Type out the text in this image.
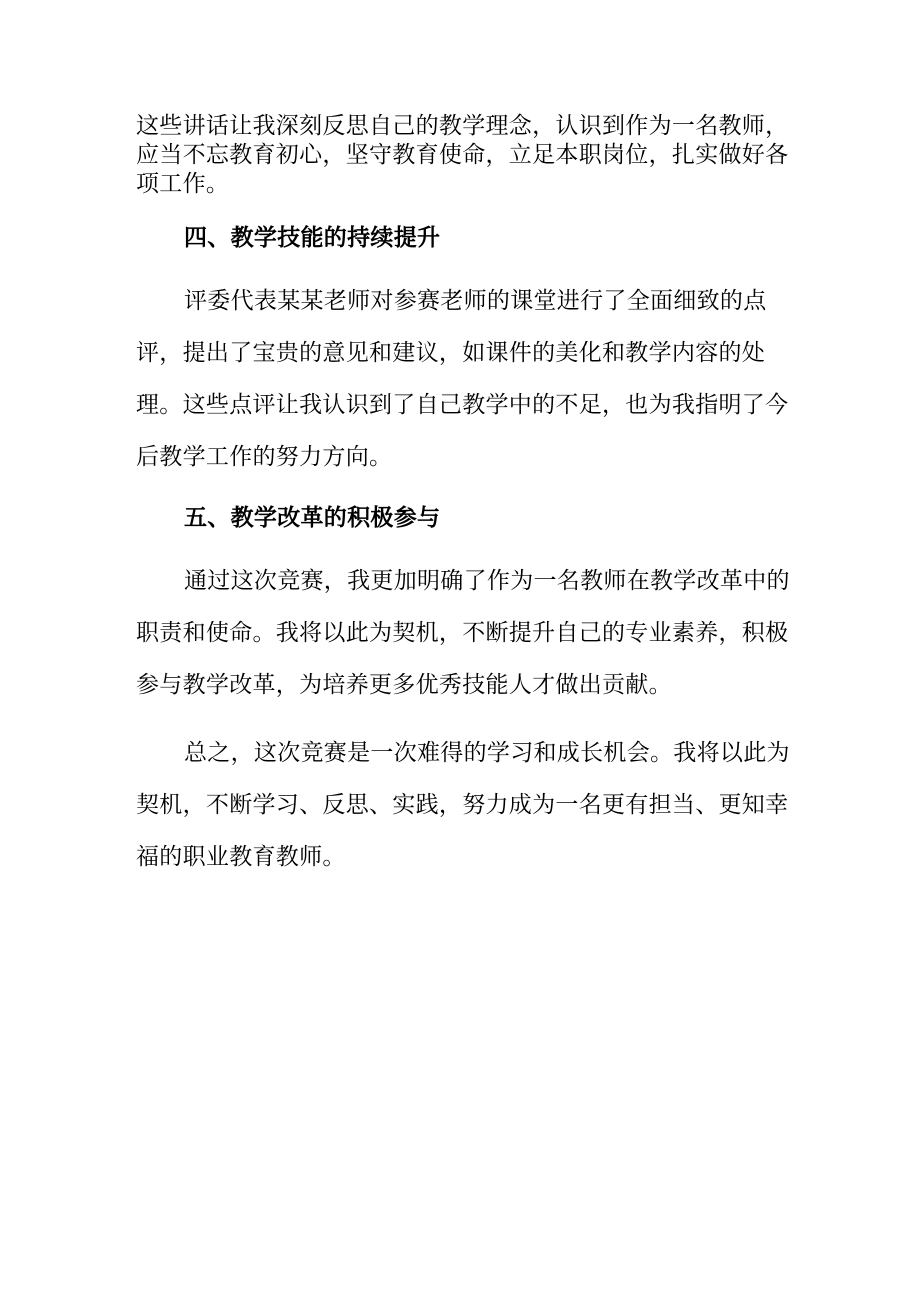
这些讲话让我深刻反思自己的教学理念，认识到作为一名教师，应当不忘教育初心，坚守教育使命，立足本职岗位，扎实做好各项工作。

四、教学技能的持续提升

评委代表某某老师对参赛老师的课堂进行了全面细致的点评，提出了宝贵的意见和建议，如课件的美化和教学内容的处理。这些点评让我认识到了自己教学中的不足，也为我指明了今后教学工作的努力方向。

五、教学改革的积极参与

通过这次竞赛，我更加明确了作为一名教师在教学改革中的职责和使命。我将以此为契机，不断提升自己的专业素养，积极参与教学改革，为培养更多优秀技能人才做出贡献。

总之，这次竞赛是一次难得的学习和成长机会。我将以此为契机，不断学习、反思、实践，努力成为一名更有担当、更知幸福的职业教育教师。
